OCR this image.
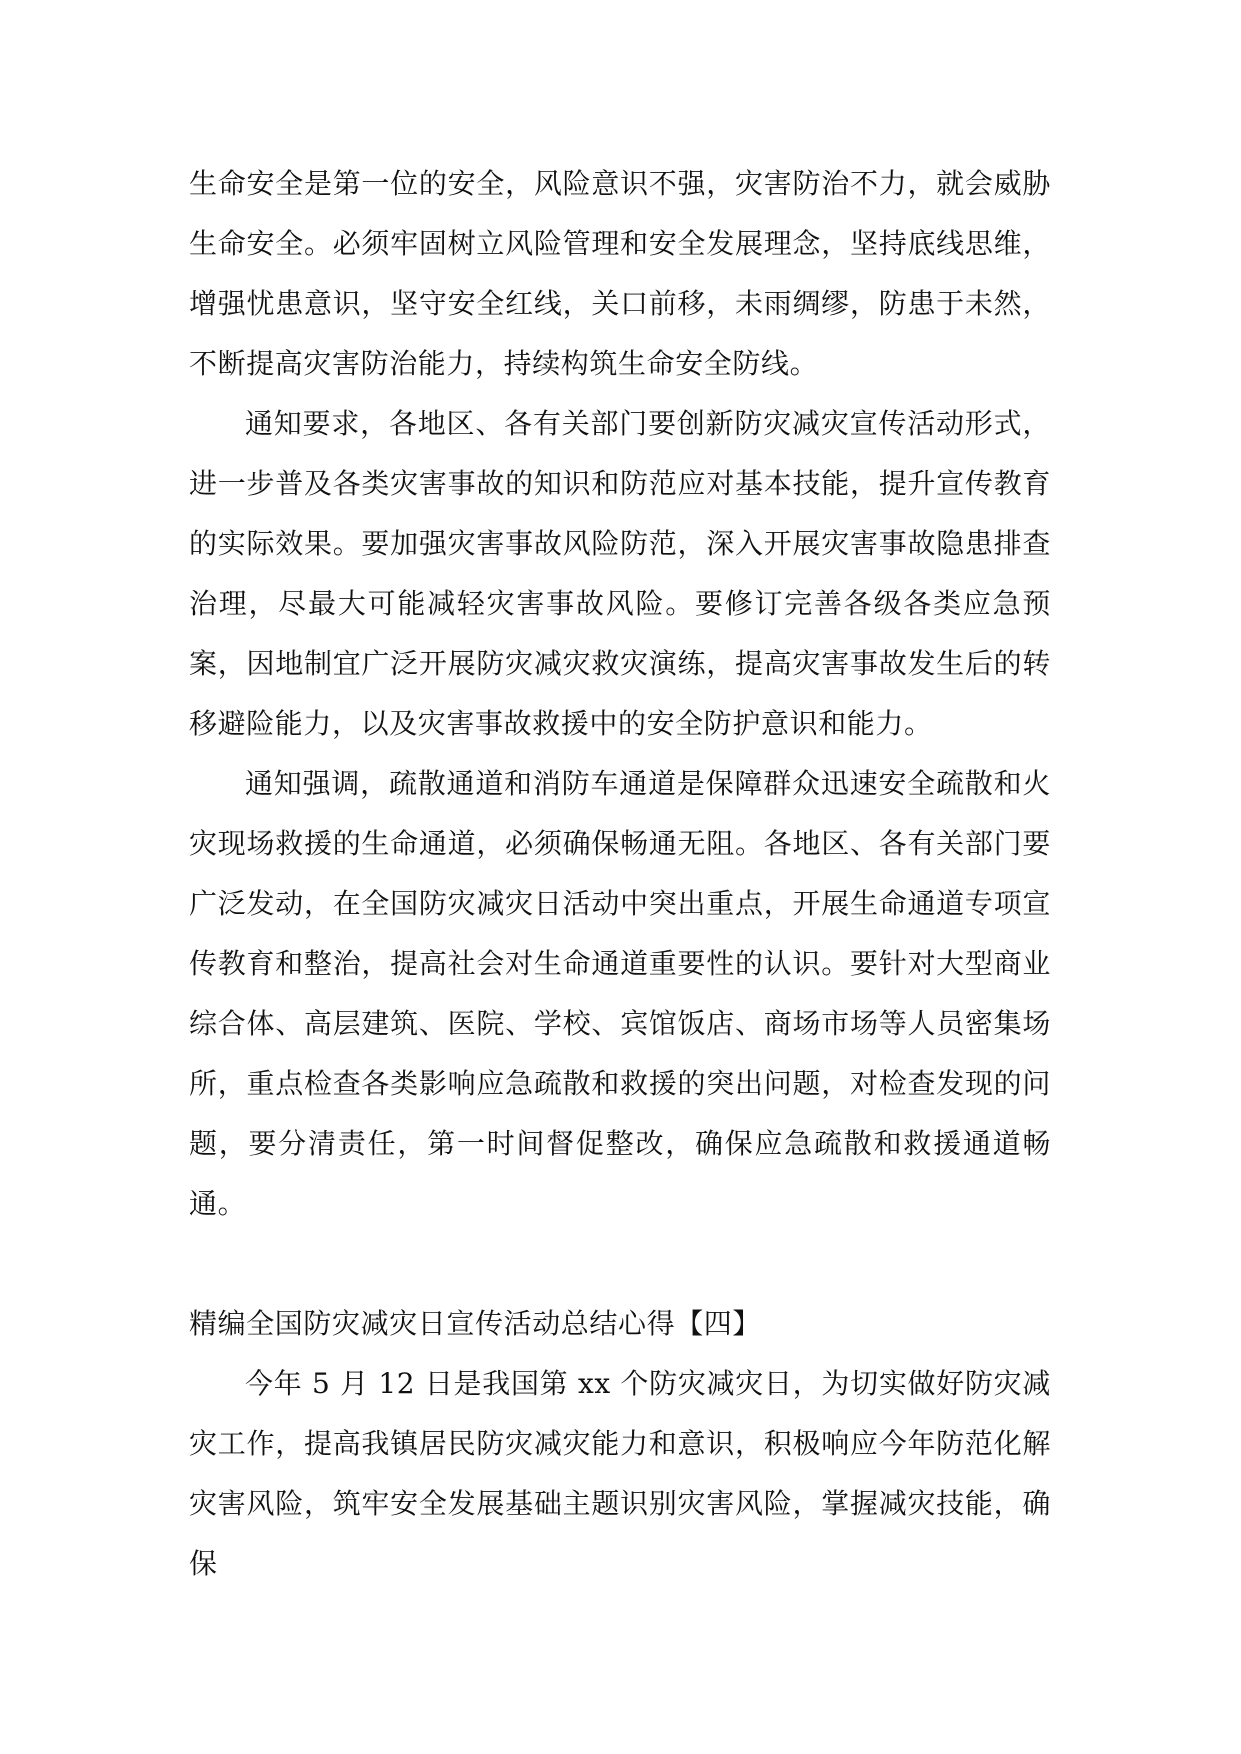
生命安全是第一位的安全，风险意识不强，灾害防治不力，就会威胁生命安全。必须牢固树立风险管理和安全发展理念，坚持底线思维，增强忧患意识，坚守安全红线，关口前移，未雨绸缪，防患于未然，不断提高灾害防治能力，持续构筑生命安全防线。

通知要求，各地区、各有关部门要创新防灾减灾宣传活动形式，进一步普及各类灾害事故的知识和防范应对基本技能，提升宣传教育的实际效果。要加强灾害事故风险防范，深入开展灾害事故隐患排查治理，尽最大可能减轻灾害事故风险。要修订完善各级各类应急预案，因地制宜广泛开展防灾减灾救灾演练，提高灾害事故发生后的转移避险能力，以及灾害事故救援中的安全防护意识和能力。

通知强调，疏散通道和消防车通道是保障群众迅速安全疏散和火灾现场救援的生命通道，必须确保畅通无阻。各地区、各有关部门要广泛发动，在全国防灾减灾日活动中突出重点，开展生命通道专项宣传教育和整治，提高社会对生命通道重要性的认识。要针对大型商业综合体、高层建筑、医院、学校、宾馆饭店、商场市场等人员密集场所，重点检查各类影响应急疏散和救援的突出问题，对检查发现的问题，要分清责任，第一时间督促整改，确保应急疏散和救援通道畅通。

精编全国防灾减灾日宣传活动总结心得【四】

今年 5 月 12 日是我国第 xx 个防灾减灾日，为切实做好防灾减灾工作，提高我镇居民防灾减灾能力和意识，积极响应今年防范化解灾害风险，筑牢安全发展基础主题识别灾害风险，掌握减灾技能，确保
